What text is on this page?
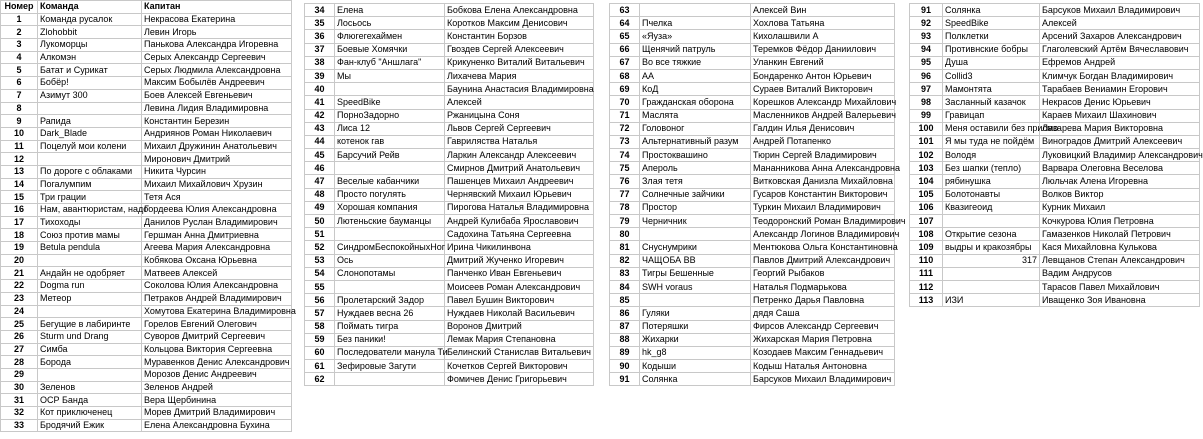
Номер	Команда	Капитан
1	Команда русалок	Некрасова Екатерина
2	Zlohobbit	Левин Игорь
3	Лукоморцы	Панькова Александра Игоревна
4	Алкомэн	Серых Александр Сергеевич
5	Батат и Сурикат	Серых Людмила Александровна
6	Бобёр!	Максим Бобылёв Андреевич
7	Азимут 300	Боев Алексей Евгеньевич
8		Левина Лидия Владимировна
9	Рапида	Константин Березин
10	Dark_Blade	Андриянов Роман Николаевич
11	Поцелуй мои колени	Михаил Дружинин Анатольевич
12		Миронович Дмитрий
13	По дороге с облаками	Никита Чурсин
14	Погалумпим	Михаил Михайлович Хрузин
15	Три грации	Тетя Ася
16	Нам, авантюристам, надо	Гордеева Юлия Александровна
17	Тихоходы	Данилов Руслан Владимирович
18	Союз против мамы	Гершман Анна Дмитриевна
19	Betula pendula	Агеева Мария Александровна
20		Кобякова Оксана Юрьевна
21	Андайн не одобряет	Матвеев Алексей
22	Dogma run	Соколова Юлия Александровна
23	Метеор	Петраков Андрей Владимирович
24		Хомутова Екатерина Владимировна
25	Бегущие в лабиринте	Горелов Евгений Олегович
26	Sturm und Drang	Суворов Дмитрий Сергеевич
27	Симба	Кольцова Виктория Сергеевна
28	Борода	Муравенков Денис Александрович
29		Морозов Денис Андреевич
30	Зеленов	Зеленов Андрей
31	ОСР Банда	Вера Щербинина
32	Кот приключенец	Морев Дмитрий Владимирович
33	Бродячий Ежик	Елена Александровна Бухина
34	Елена	Бобкова Елена Александровна
35	Лосьось	Коротков Максим Денисович
36	Флюгегехаймен	Константин Борзов
37	Боевые Хомячки	Гвоздев Сергей Алексеевич
38	Фан-клуб "Аншлага"	Крикуненко Виталий Витальевич
39	Мы	Лихачева Мария
40		Баунина Анастасия Владимировна
41	SpeedBike	Алексей
42	ПорноЗадорно	Ржаницына Соня
43	Лиса 12	Львов Сергей Сергеевич
44	котенок гав	Гавриляства Наталья
45	Барсучий Рейв	Ларкин Александр Алексеевич
46		Смирнов Дмитрий Анатольевич
47	Веселые кабанчики	Пашенцев Михаил Андреевич
48	Просто погулять	Чернявский Михаил Юрьевич
49	Хорошая компания	Пирогова Наталья Владимировна
50	Лютеньские бауманцы	Андрей Кулибаба Ярославович
51		Садохина Татьяна Сергеевна
52	СиндромБеспокойныхНог	Ирина Чикилинвона
53	Ось	Дмитрий Жученко Игоревич
54	Слонопотамы	Панченко Иван Евгеньевич
55		Моисеев Роман Александрович
56	Пролетарский Задор	Павел Бушин Викторович
57	Нуждаев весна 26	Нуждаев Николай Васильевич
58	Поймать тигра	Воронов Дмитрий
59	Без паники!	Лемак Мария Степановна
60	Последователи манула Ти	Белинский Станислав Витальевич
61	Зефировые Загути	Кочетков Сергей Викторович
62		Фомичев Денис Григорьевич
63		Алексей Вин
64	Пчелка	Хохлова Татьяна
65	«Яуза»	Кихолашвили А
66	Щенячий патруль	Теремков Фёдор Даниилович
67	Во все тяжкие	Уланкин Евгений
68	АА	Бондаренко Антон Юрьевич
69	КоД	Сураев Виталий Викторович
70	Гражданская оборона	Корешков Александр Михайлович
71	Маслята	Масленников Андрей Валерьевич
72	Головоног	Галдин Илья Денисович
73	Альтернативный разум	Андрей Потапенко
74	Простоквашино	Тюрин Сергей Владимирович
75	Апероль	Мананникова Анна Александровна
76	Злая тетя	Витковская Данизла Михайловна
77	Солнечные зайчики	Гусаров Константин Викторович
78	Простор	Туркин Михаил Владимирович
79	Черничник	Теодоронский Роман Владимирович
80		Александр Логинов Владимирович
81	Снуснумрики	Ментюкова Ольга Константиновна
82	ЧАЩОБА ВВ	Павлов Дмитрий Александрович
83	Тигры Бешенные	Георгий Рыбаков
84	SWH voraus	Наталья Подмарькова
85		Петренко Дарья Павловна
86	Гуляки	дядя Саша
87	Потеряшки	Фирсов Александр Сергеевич
88	Жихарки	Жихарская Мария Петровна
89	hk_g8	Козодаев Максим Геннадьевич
90	Кодыши	Кодыш Наталья Антоновна
91	Солянка	Барсуков Михаил Владимирович
91	Солянка	Барсуков Михаил Владимирович
92	SpeedBike	Алексей
93	Полклетки	Арсений Захаров Александрович
94	Противнские бобры	Глаголевский Артём Вячеславович
95	Душа	Ефремов Андрей
96	Collid3	Климчук Богдан Владимирович
97	Мамонтята	Тарабаев Вениамин Егорович
98	Засланный казачок	Некрасов Денис Юрьевич
99	Гравицап	Караев Михаил Шахинович
100	Меня оставили без присмо	Лазарева Мария Викторовна
101	Я мы туда не пойдём	Виноградов Дмитрий Алексеевич
102	Володя	Луковицкий Владимир Александрович
103	Без шапки (тепло)	Варвара Олеговна Веселова
104	рябинушка	Люльчак Алена Игоревна
105	Болотонавты	Волков Виктор
106	Квазигеоид	Курник Михаил
107		Кочкурова Юлия Петровна
108	Открытие сезона	Гамазенков Николай Петрович
109	выдры и кракозябры	Кася Михайловна Кулькова
110	317	Левщанов Степан Александрович
111		Вадим Андрусов
112		Тарасов Павел Михайлович
113	ИЗИ	Иващенко Зоя Ивановна
